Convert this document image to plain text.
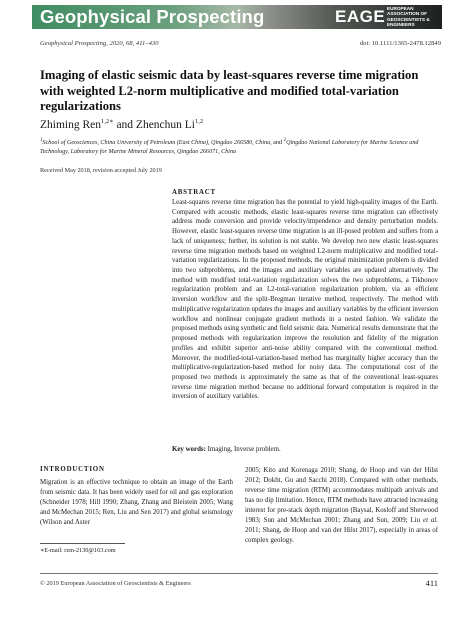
Geophysical Prospecting	EAGE EUROPEAN ASSOCIATION OF GEOSCIENTISTS & ENGINEERS
Geophysical Prospecting, 2020, 68, 411–430	doi: 10.1111/1365-2478.12849
Imaging of elastic seismic data by least-squares reverse time migration with weighted L2-norm multiplicative and modified total-variation regularizations
Zhiming Ren$^{1,2∗}$ and Zhenchun Li$^{1,2}$
$^1$School of Geosciences, China University of Petroleum (East China), Qingdao 266580, China, and $^2$Qingdao National Laboratory for Marine Science and Technology, Laboratory for Marine Mineral Resources, Qingdao 266071, China
Received May 2018, revision accepted July 2019
ABSTRACT

Least-squares reverse time migration has the potential to yield high-quality images of the Earth. Compared with acoustic methods, elastic least-squares reverse time migration can effectively address mode conversion and provide velocity/impendence and density perturbation models. However, elastic least-squares reverse time migration is an ill-posed problem and suffers from a lack of uniqueness; further, its solution is not stable. We develop two new elastic least-squares reverse time migration methods based on weighted L2-norm multiplicative and modified total-variation regularizations. In the proposed methods, the original minimization problem is divided into two subproblems, and the images and auxiliary variables are updated alternatively. The method with modified total-variation regularization solves the two subproblems, a Tikhonov regularization problem and an L2-total-variation regularization problem, via an efficient inversion workflow and the split-Bregman iterative method, respectively. The method with multiplicative regularization updates the images and auxiliary variables by the efficient inversion workflow and nonlinear conjugate gradient methods in a nested fashion. We validate the proposed methods using synthetic and field seismic data. Numerical results demonstrate that the proposed methods with regularization improve the resolution and fidelity of the migration profiles and exhibit superior anti-noise ability compared with the conventional method. Moreover, the modified-total-variation-based method has marginally higher accuracy than the multiplicative-regularization-based method for noisy data. The computational cost of the proposed two methods is approximately the same as that of the conventional least-squares reverse time migration method because no additional forward computation is required in the inversion of auxiliary variables.

Key words: Imaging, Inverse problem.
INTRODUCTION

Migration is an effective technique to obtain an image of the Earth from seismic data. It has been widely used for oil and gas exploration (Schneider 1978; Hill 1990; Zhang, Zhang and Bleistein 2005; Wang and McMechan 2015; Ren, Liu and Sen 2017) and global seismology (Wilson and Aster

2005; Kito and Korenaga 2010; Shang, de Hoop and van der Hilst 2012; Dokht, Gu and Sacchi 2018). Compared with other methods, reverse time migration (RTM) accommodates multipath arrivals and has no dip limitation. Hence, RTM methods have attracted increasing interest for pre-stack depth migration (Baysal, Kosloff and Sherwood 1983; Sun and McMechan 2001; Zhang and Sun, 2009; Liu et al. 2011; Shang, de Hoop and van der Hilst 2017), especially in areas of complex geology.

∗E-mail: rzm-2130@163.com
© 2019 European Association of Geoscientists & Engineers	411
